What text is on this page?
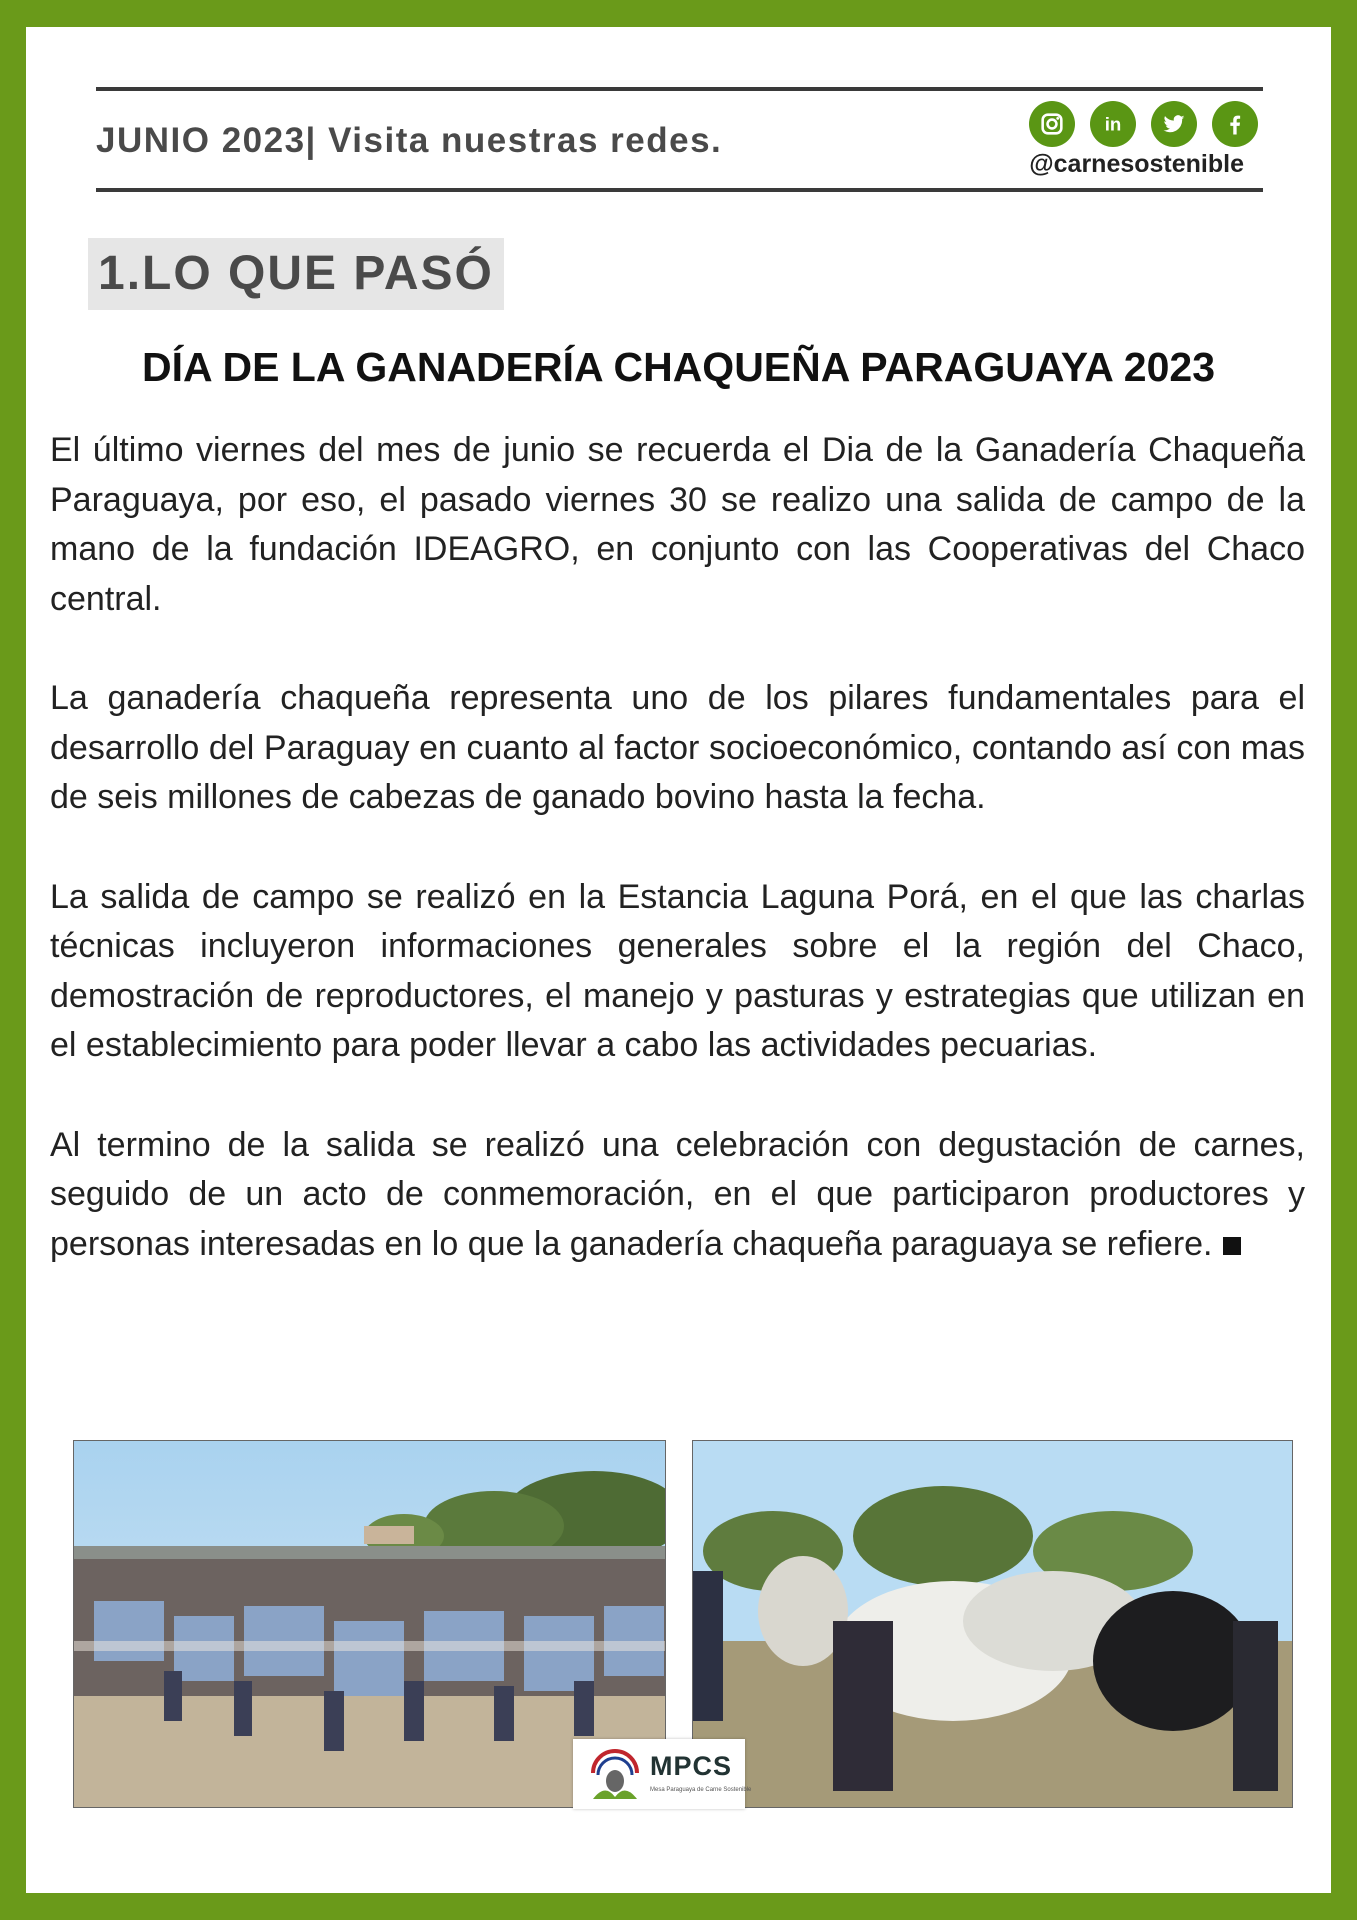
JUNIO 2023| Visita nuestras redes.	in
@carnesostenible
1.LO QUE PASÓ
DÍA DE LA GANADERÍA CHAQUEÑA PARAGUAYA 2023

El último viernes del mes de junio se recuerda el Dia de la Ganadería Chaqueña Paraguaya, por eso, el pasado viernes 30 se realizo una salida de campo de la mano de la fundación IDEAGRO, en conjunto con las Cooperativas del Chaco central.

La ganadería chaqueña representa uno de los pilares fundamentales para el desarrollo del Paraguay en cuanto al factor socioeconómico, contando así con mas de seis millones de cabezas de ganado bovino hasta la fecha.

La salida de campo se realizó en la Estancia Laguna Porá, en el que las charlas técnicas incluyeron informaciones generales sobre el la región del Chaco, demostración de reproductores, el manejo y pasturas y estrategias que utilizan en el establecimiento para poder llevar a cabo las actividades pecuarias.

Al termino de la salida se realizó una celebración con degustación de carnes, seguido de un acto de conmemoración, en el que participaron productores y personas interesadas en lo que la ganadería chaqueña paraguaya se refiere.

MPCS
Mesa Paraguaya de Carne Sostenible
